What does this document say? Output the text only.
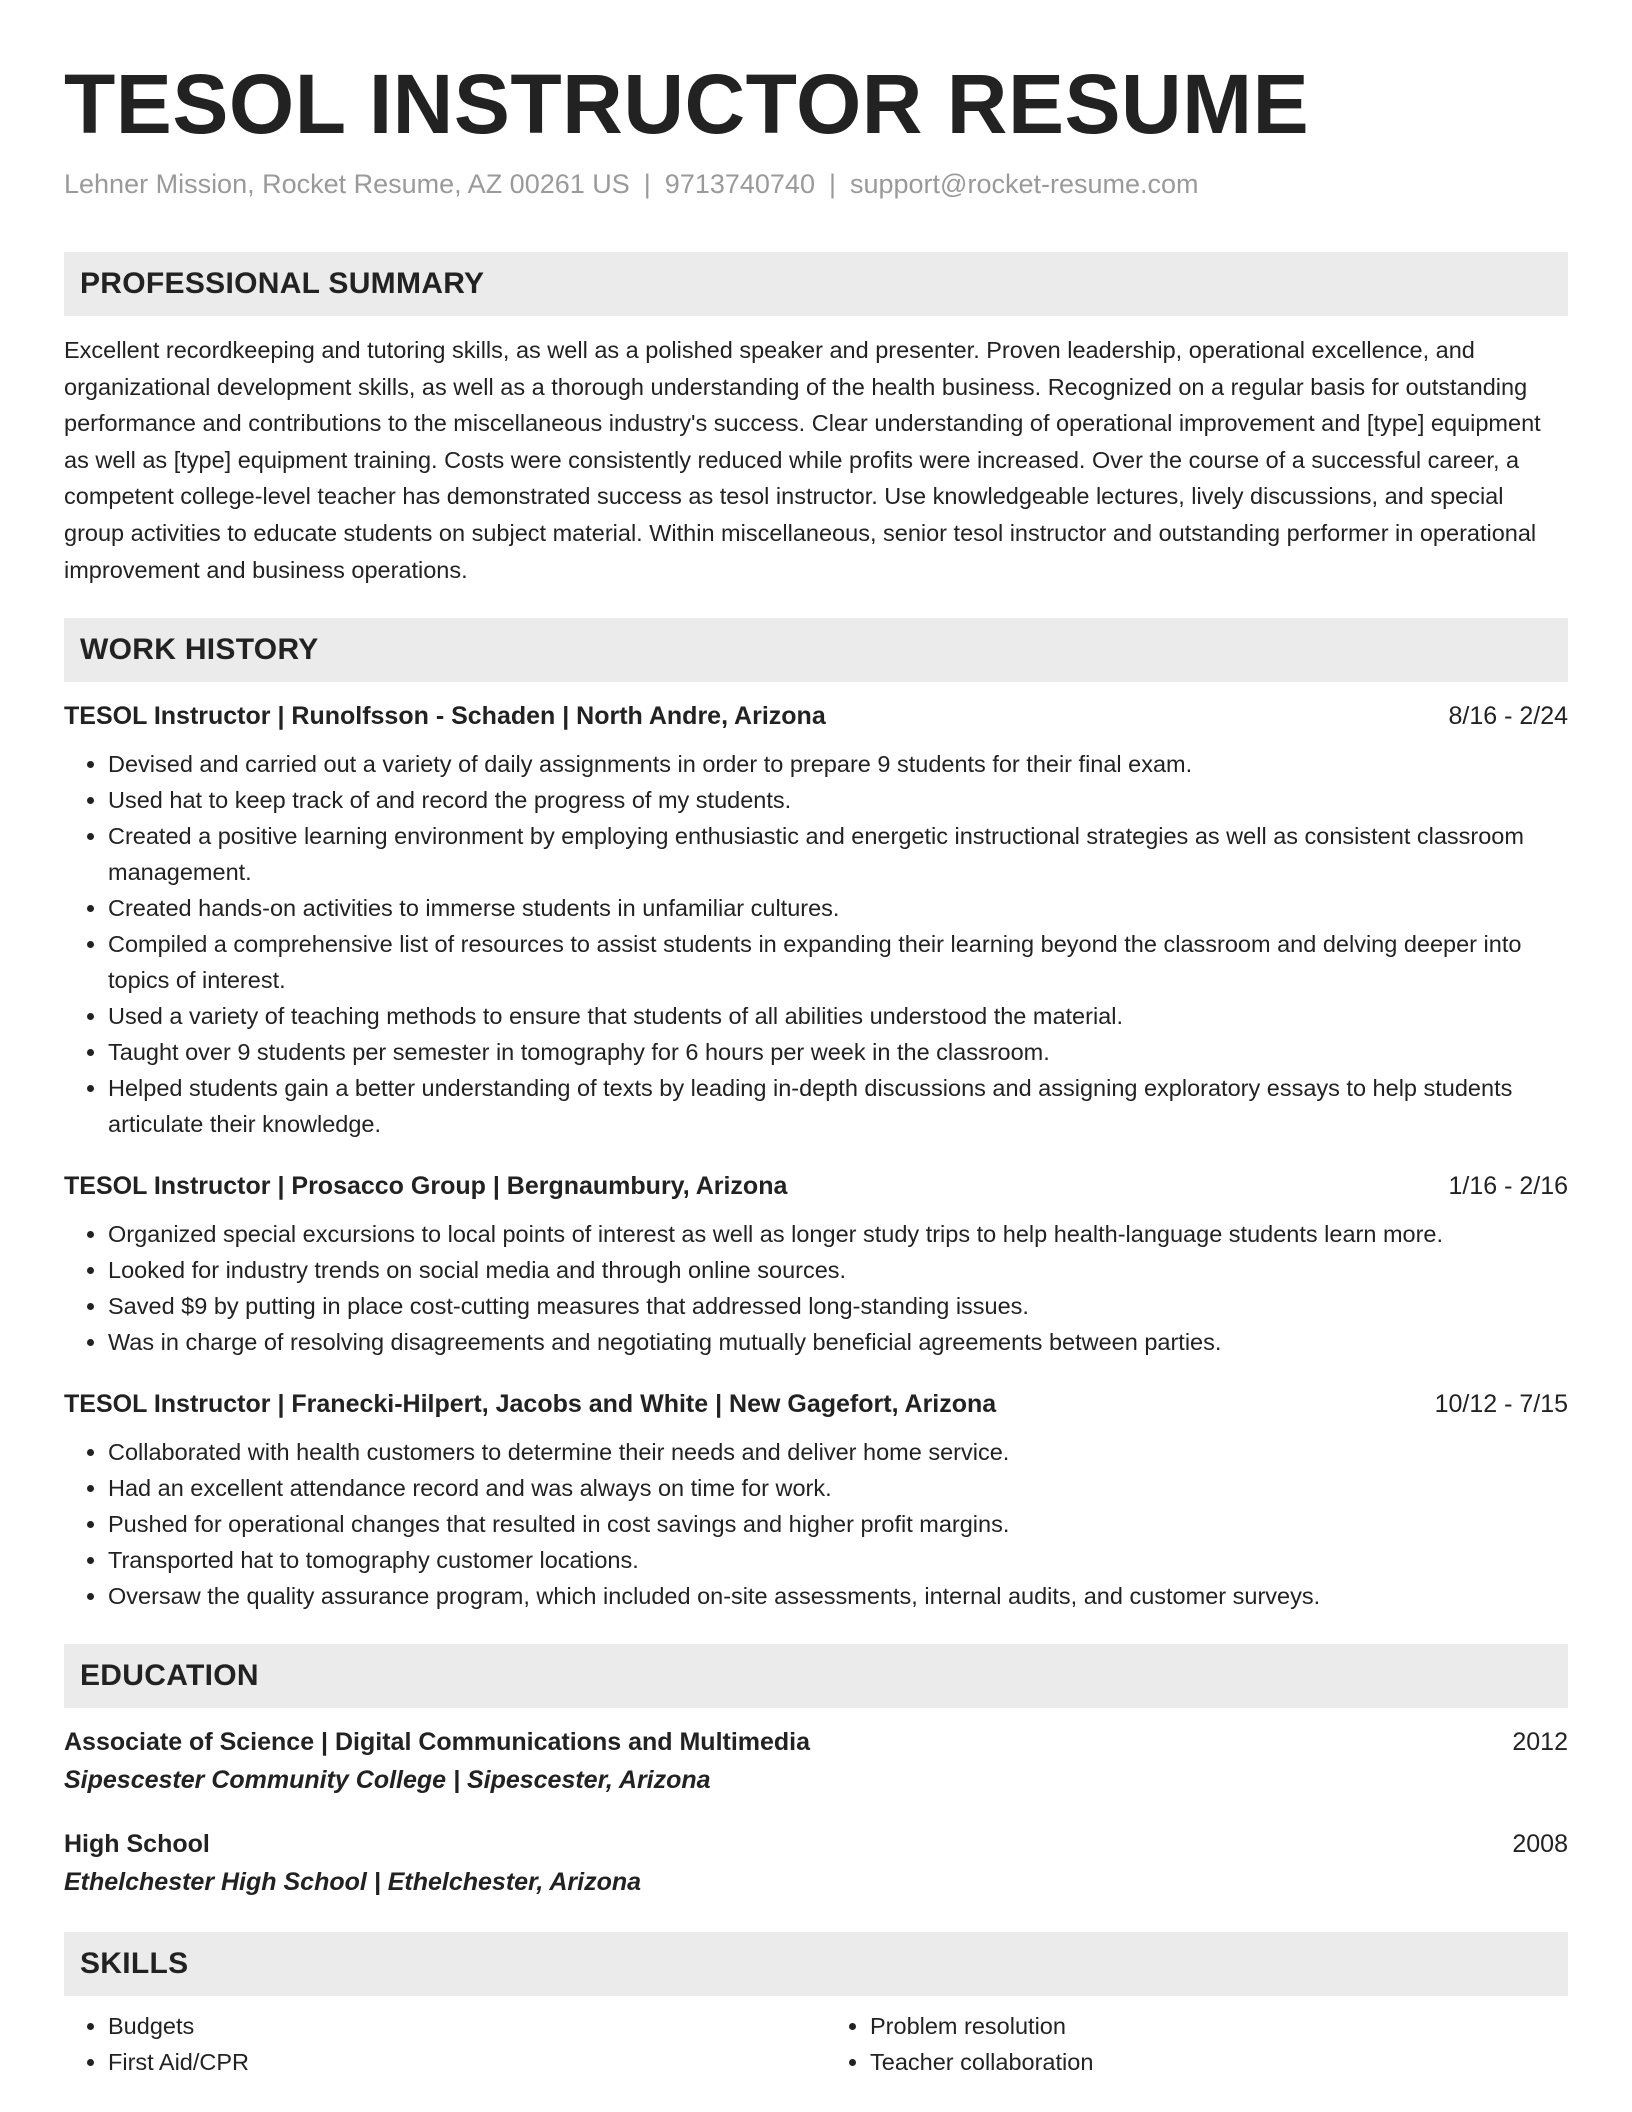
TESOL INSTRUCTOR RESUME
Lehner Mission, Rocket Resume, AZ 00261 US | 9713740740 | support@rocket-resume.com
PROFESSIONAL SUMMARY

Excellent recordkeeping and tutoring skills, as well as a polished speaker and presenter. Proven leadership, operational excellence, and organizational development skills, as well as a thorough understanding of the health business. Recognized on a regular basis for outstanding performance and contributions to the miscellaneous industry's success. Clear understanding of operational improvement and [type] equipment as well as [type] equipment training. Costs were consistently reduced while profits were increased. Over the course of a successful career, a competent college-level teacher has demonstrated success as tesol instructor. Use knowledgeable lectures, lively discussions, and special group activities to educate students on subject material. Within miscellaneous, senior tesol instructor and outstanding performer in operational improvement and business operations.

WORK HISTORY
TESOL Instructor | Runolfsson - Schaden | North Andre, Arizona	8/16 - 2/24
• Devised and carried out a variety of daily assignments in order to prepare 9 students for their final exam.
• Used hat to keep track of and record the progress of my students.
• Created a positive learning environment by employing enthusiastic and energetic instructional strategies as well as consistent classroom management.
• Created hands-on activities to immerse students in unfamiliar cultures.
• Compiled a comprehensive list of resources to assist students in expanding their learning beyond the classroom and delving deeper into topics of interest.
• Used a variety of teaching methods to ensure that students of all abilities understood the material.
• Taught over 9 students per semester in tomography for 6 hours per week in the classroom.
• Helped students gain a better understanding of texts by leading in-depth discussions and assigning exploratory essays to help students articulate their knowledge.
TESOL Instructor | Prosacco Group | Bergnaumbury, Arizona	1/16 - 2/16
• Organized special excursions to local points of interest as well as longer study trips to help health-language students learn more.
• Looked for industry trends on social media and through online sources.
• Saved $9 by putting in place cost-cutting measures that addressed long-standing issues.
• Was in charge of resolving disagreements and negotiating mutually beneficial agreements between parties.
TESOL Instructor | Franecki-Hilpert, Jacobs and White | New Gagefort, Arizona	10/12 - 7/15
• Collaborated with health customers to determine their needs and deliver home service.
• Had an excellent attendance record and was always on time for work.
• Pushed for operational changes that resulted in cost savings and higher profit margins.
• Transported hat to tomography customer locations.
• Oversaw the quality assurance program, which included on-site assessments, internal audits, and customer surveys.
EDUCATION
Associate of Science | Digital Communications and Multimedia	2012
Sipescester Community College | Sipescester, Arizona
High School	2008
Ethelchester High School | Ethelchester, Arizona
SKILLS
• Budgets
• First Aid/CPR
• Problem resolution
• Teacher collaboration
